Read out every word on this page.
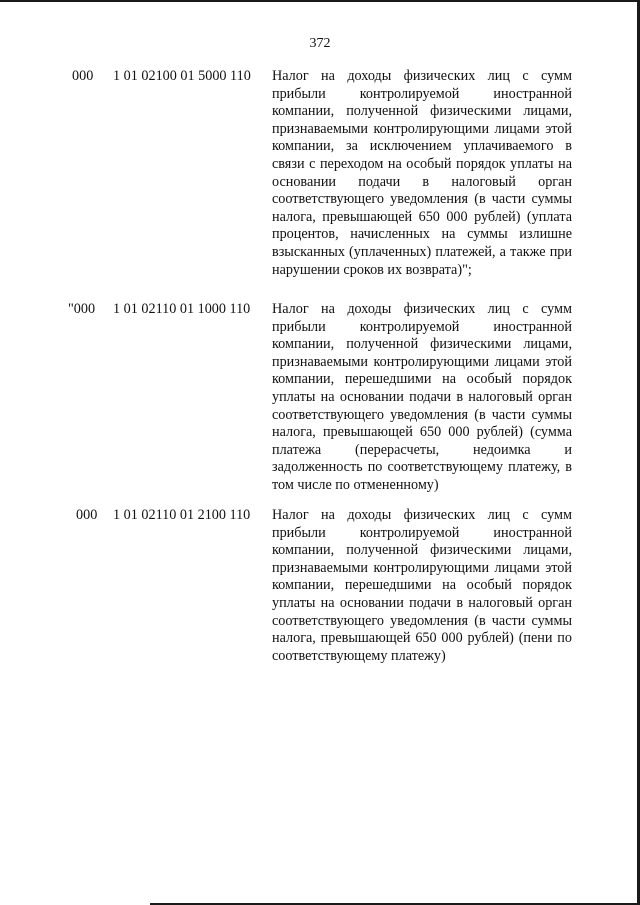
372
000 1 01 02100 01 5000 110 Налог на доходы физических лиц с сумм прибыли контролируемой иностранной компании, полученной физическими лицами, признаваемыми контролирующими лицами этой компании, за исключением уплачиваемого в связи с переходом на особый порядок уплаты на основании подачи в налоговый орган соответствующего уведомления (в части суммы налога, превышающей 650 000 рублей) (уплата процентов, начисленных на суммы излишне взысканных (уплаченных) платежей, а также при нарушении сроков их возврата)";
"000 1 01 02110 01 1000 110 Налог на доходы физических лиц с сумм прибыли контролируемой иностранной компании, полученной физическими лицами, признаваемыми контролирующими лицами этой компании, перешедшими на особый порядок уплаты на основании подачи в налоговый орган соответствующего уведомления (в части суммы налога, превышающей 650 000 рублей) (сумма платежа (перерасчеты, недоимка и задолженность по соответствующему платежу, в том числе по отмененному)
000 1 01 02110 01 2100 110 Налог на доходы физических лиц с сумм прибыли контролируемой иностранной компании, полученной физическими лицами, признаваемыми контролирующими лицами этой компании, перешедшими на особый порядок уплаты на основании подачи в налоговый орган соответствующего уведомления (в части суммы налога, превышающей 650 000 рублей) (пени по соответствующему платежу)
